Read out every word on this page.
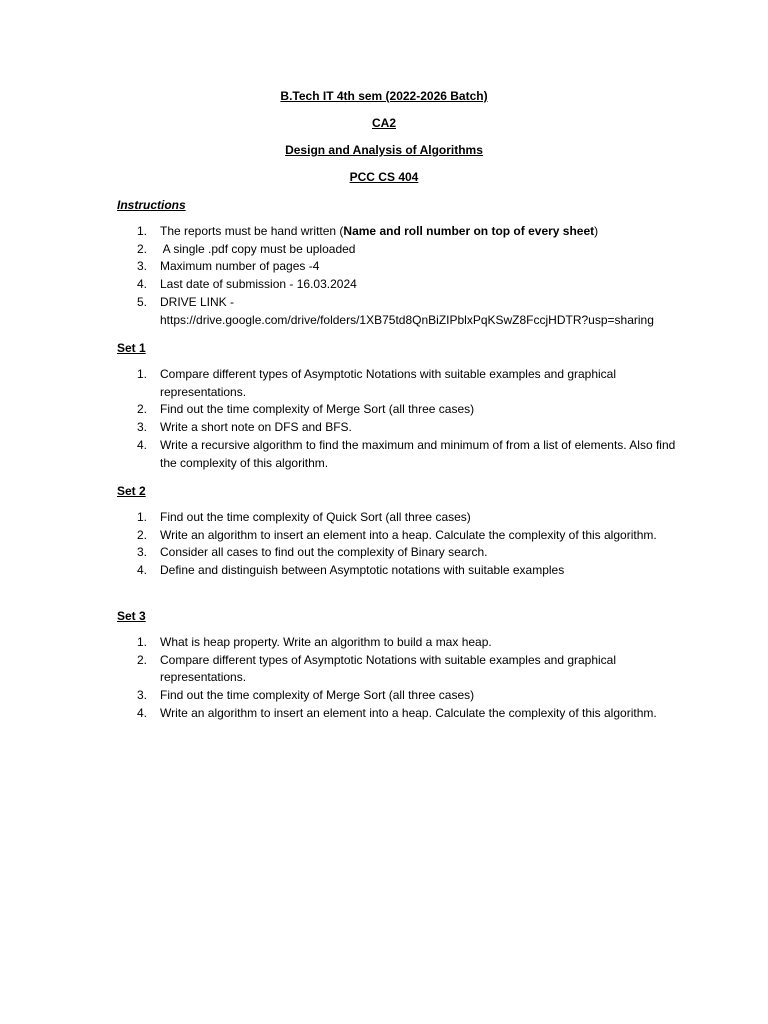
B.Tech IT 4th sem (2022-2026 Batch)
CA2
Design and Analysis of Algorithms
PCC CS 404
Instructions
1. The reports must be hand written (Name and roll number on top of every sheet)
2. A single .pdf copy must be uploaded
3. Maximum number of pages -4
4. Last date of submission - 16.03.2024
5. DRIVE LINK -
https://drive.google.com/drive/folders/1XB75td8QnBiZIPblxPqKSwZ8FccjHDTR?usp=sharing
Set 1
1. Compare different types of Asymptotic Notations with suitable examples and graphical representations.
2. Find out the time complexity of Merge Sort (all three cases)
3. Write a short note on DFS and BFS.
4. Write a recursive algorithm to find the maximum and minimum of from a list of elements. Also find the complexity of this algorithm.
Set 2
1. Find out the time complexity of Quick Sort (all three cases)
2. Write an algorithm to insert an element into a heap. Calculate the complexity of this algorithm.
3. Consider all cases to find out the complexity of Binary search.
4. Define and distinguish between Asymptotic notations with suitable examples
Set 3
1. What is heap property. Write an algorithm to build a max heap.
2. Compare different types of Asymptotic Notations with suitable examples and graphical representations.
3. Find out the time complexity of Merge Sort (all three cases)
4. Write an algorithm to insert an element into a heap. Calculate the complexity of this algorithm.
